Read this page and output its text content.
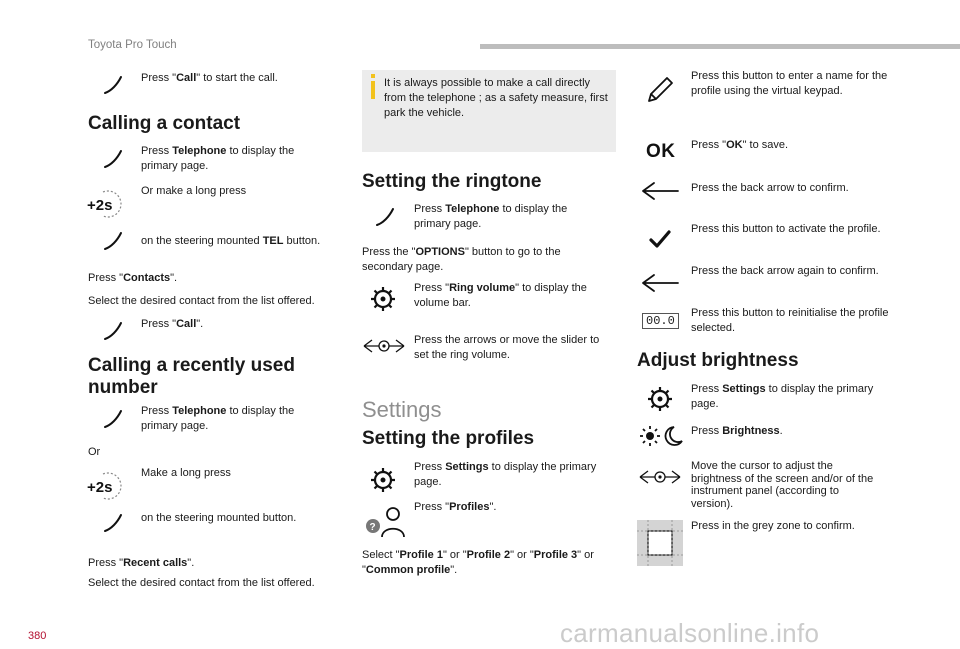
Toyota Pro Touch
Press "Call" to start the call.
Calling a contact
Press Telephone to display the primary page.
+2s
Or make a long press
on the steering mounted TEL button.
Press "Contacts".
Select the desired contact from the list offered.
Press "Call".
Calling a recently used number
Press Telephone to display the primary page.
Or
+2s
Make a long press
on the steering mounted button.
Press "Recent calls".
Select the desired contact from the list offered.
It is always possible to make a call directly from the telephone ; as a safety measure, first park the vehicle.
Setting the ringtone
Press Telephone to display the primary page.
Press the "OPTIONS" button to go to the secondary page.
Press "Ring volume" to display the volume bar.
Press the arrows or move the slider to set the ring volume.
Settings
Setting the profiles
Press Settings to display the primary page.
?
Press "Profiles".
Select "Profile 1" or "Profile 2" or "Profile 3" or "Common profile".
Press this button to enter a name for the profile using the virtual keypad.
OK Press "OK" to save.
Press the back arrow to confirm.
Press this button to activate the profile.
Press the back arrow again to confirm.
00.0
Press this button to reinitialise the profile selected.
Adjust brightness
Press Settings to display the primary page.
Press Brightness.
Move the cursor to adjust the brightness of the screen and/or of the instrument panel (according to version).
Press in the grey zone to confirm.
380	carmanualsonline.info
